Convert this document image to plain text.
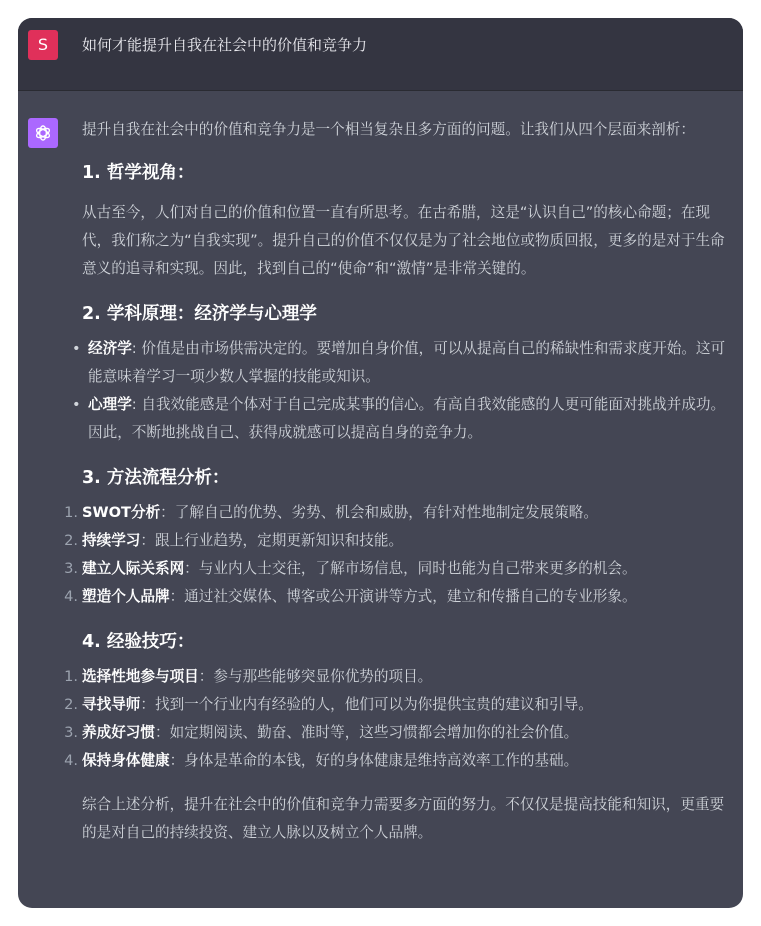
S	如何才能提升自我在社会中的价值和竞争力

提升自我在社会中的价值和竞争力是一个相当复杂且多方面的问题。让我们从四个层面来剖析：

1. 哲学视角：

从古至今，人们对自己的价值和位置一直有所思考。在古希腊，这是“认识自己”的核心命题；在现代，我们称之为“自我实现”。提升自己的价值不仅仅是为了社会地位或物质回报，更多的是对于生命意义的追寻和实现。因此，找到自己的“使命”和“激情”是非常关键的。

2. 学科原理：经济学与心理学
• 经济学: 价值是由市场供需决定的。要增加自身价值，可以从提高自己的稀缺性和需求度开始。这可能意味着学习一项少数人掌握的技能或知识。
• 心理学: 自我效能感是个体对于自己完成某事的信心。有高自我效能感的人更可能面对挑战并成功。因此，不断地挑战自己、获得成就感可以提高自身的竞争力。
3. 方法流程分析：
1. SWOT分析：了解自己的优势、劣势、机会和威胁，有针对性地制定发展策略。
2. 持续学习：跟上行业趋势，定期更新知识和技能。
3. 建立人际关系网：与业内人士交往，了解市场信息，同时也能为自己带来更多的机会。
4. 塑造个人品牌：通过社交媒体、博客或公开演讲等方式，建立和传播自己的专业形象。
4. 经验技巧：
1. 选择性地参与项目：参与那些能够突显你优势的项目。
2. 寻找导师：找到一个行业内有经验的人，他们可以为你提供宝贵的建议和引导。
3. 养成好习惯：如定期阅读、勤奋、准时等，这些习惯都会增加你的社会价值。
4. 保持身体健康：身体是革命的本钱，好的身体健康是维持高效率工作的基础。

综合上述分析，提升在社会中的价值和竞争力需要多方面的努力。不仅仅是提高技能和知识，更重要的是对自己的持续投资、建立人脉以及树立个人品牌。
